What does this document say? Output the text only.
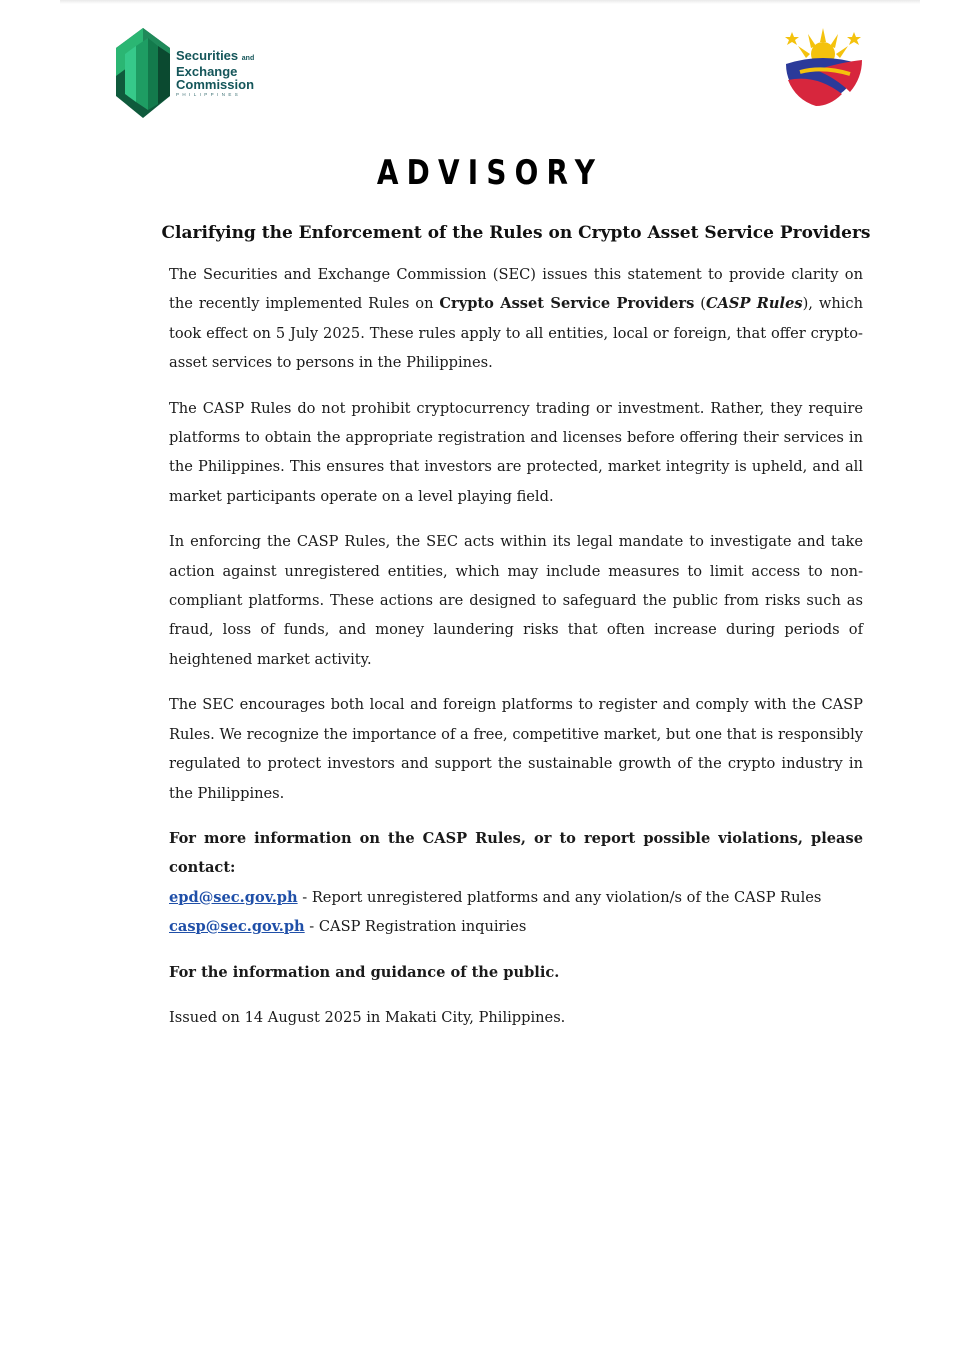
Securities and
Exchange
Commission
PHILIPPINES
ADVISORY
Clarifying the Enforcement of the Rules on Crypto Asset Service Providers

The Securities and Exchange Commission (SEC) issues this statement to provide clarity on the recently implemented Rules on Crypto Asset Service Providers (CASP Rules), which took effect on 5 July 2025. These rules apply to all entities, local or foreign, that offer crypto-asset services to persons in the Philippines.

The CASP Rules do not prohibit cryptocurrency trading or investment. Rather, they require platforms to obtain the appropriate registration and licenses before offering their services in the Philippines. This ensures that investors are protected, market integrity is upheld, and all market participants operate on a level playing field.

In enforcing the CASP Rules, the SEC acts within its legal mandate to investigate and take action against unregistered entities, which may include measures to limit access to non-compliant platforms. These actions are designed to safeguard the public from risks such as fraud, loss of funds, and money laundering risks that often increase during periods of heightened market activity.

The SEC encourages both local and foreign platforms to register and comply with the CASP Rules. We recognize the importance of a free, competitive market, but one that is responsibly regulated to protect investors and support the sustainable growth of the crypto industry in the Philippines.

For more information on the CASP Rules, or to report possible violations, please contact:
epd@sec.gov.ph - Report unregistered platforms and any violation/s of the CASP Rules
casp@sec.gov.ph - CASP Registration inquiries

For the information and guidance of the public.

Issued on 14 August 2025 in Makati City, Philippines.
